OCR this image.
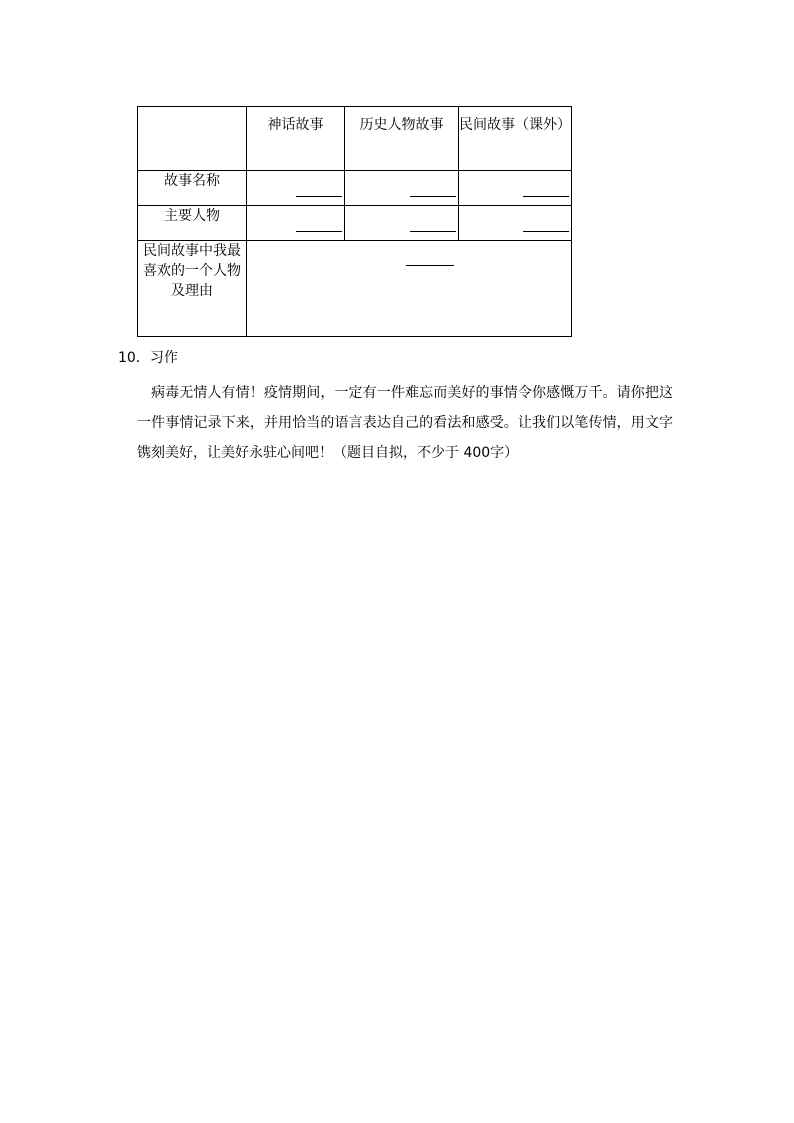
	神话故事	历史人物故事	民间故事（课外）

故事名称	

主要人物	

民间故事中我最
喜欢的一个人物
及理由			

10．习作
病毒无情人有情！疫情期间，一定有一件难忘而美好的事情令你感慨万千。请你把这一件事情记录下来，并用恰当的语言表达自己的看法和感受。让我们以笔传情，用文字镌刻美好，让美好永驻心间吧！（题目自拟，不少于 400字）
